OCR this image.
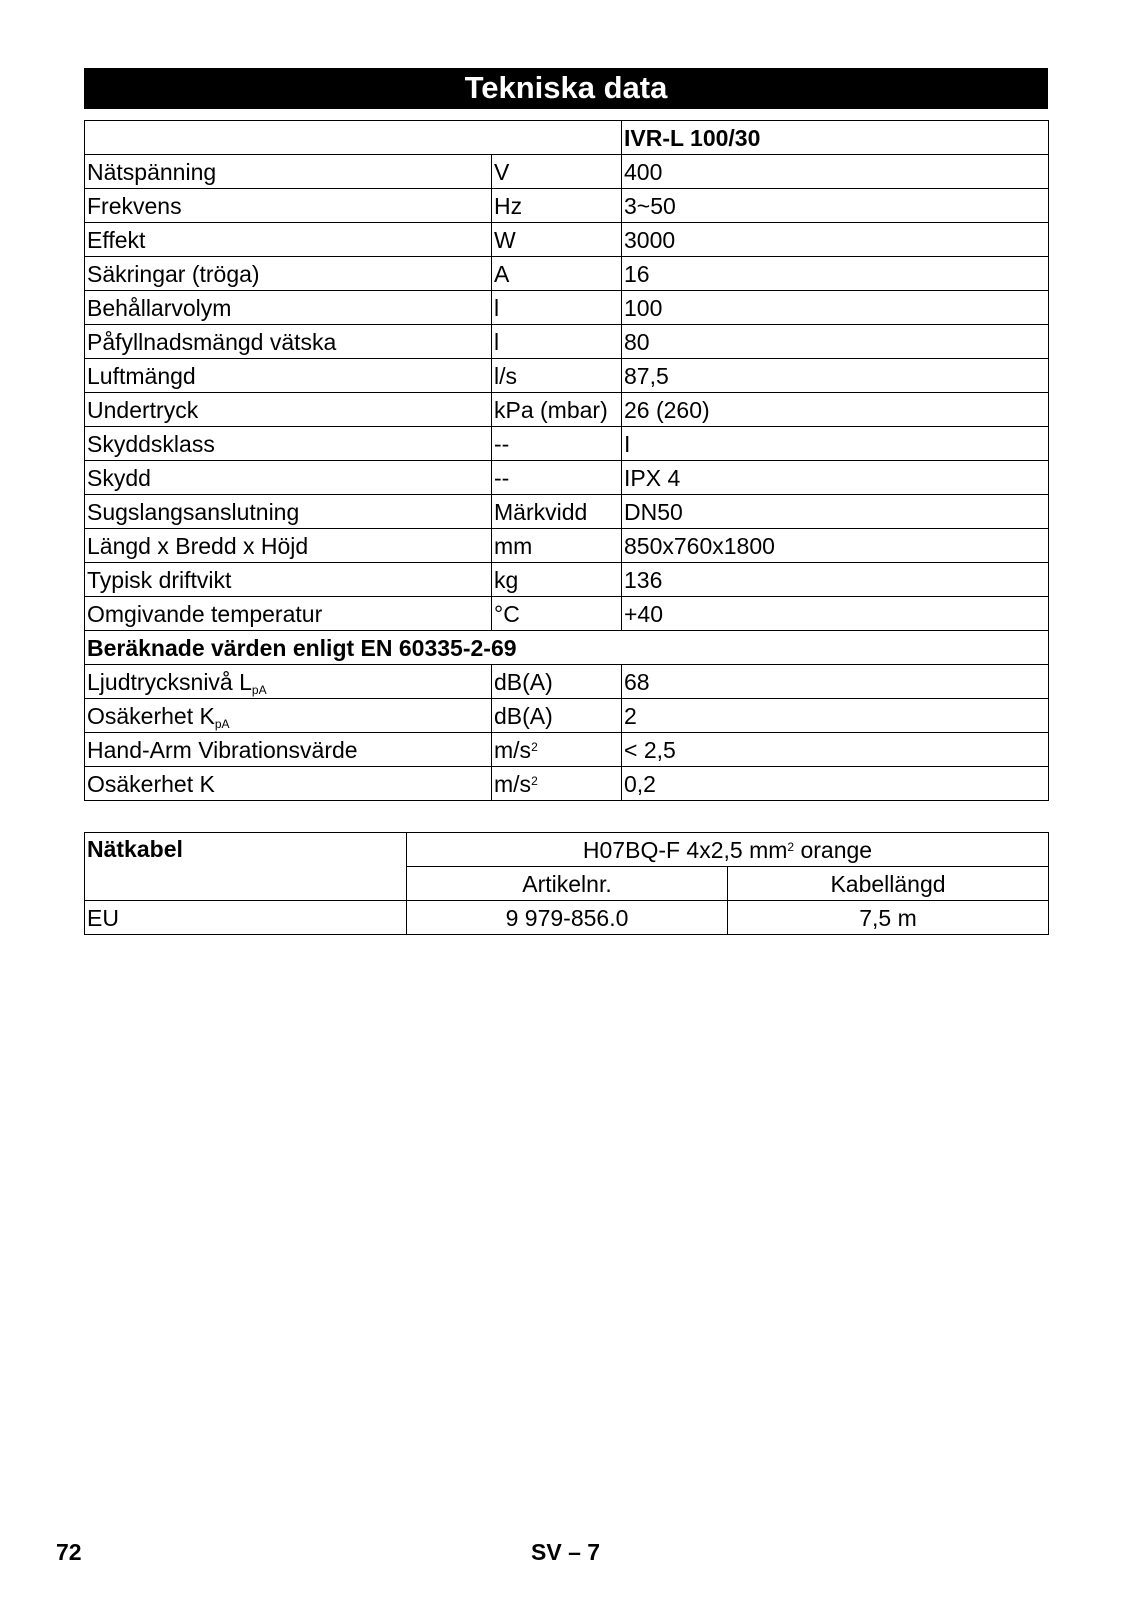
Tekniska data
		IVR-L 100/30
Nätspänning	V	400
Frekvens	Hz	3~50
Effekt	W	3000
Säkringar (tröga)	A	16
Behållarvolym	l	100
Påfyllnadsmängd vätska	l	80
Luftmängd	l/s	87,5
Undertryck	kPa (mbar)	26 (260)
Skyddsklass	--	I
Skydd	--	IPX 4
Sugslangsanslutning	Märkvidd	DN50
Längd x Bredd x Höjd	mm	850x760x1800
Typisk driftvikt	kg	136
Omgivande temperatur	°C	+40
Beräknade värden enligt EN 60335-2-69		
Ljudtrycksnivå $L_{pA}$	dB(A)	68
Osäkerhet $K_{pA}$	dB(A)	2
Hand-Arm Vibrationsvärde	$m/s^2$	< 2,5
Osäkerhet K	$m/s^2$	0,2
Nätkabel	H07BQ-F 4x2,5 $mm^2$ orange	
	Artikelnr.	Kabellängd
EU	9 979-856.0	7,5 m
72	SV – 7
